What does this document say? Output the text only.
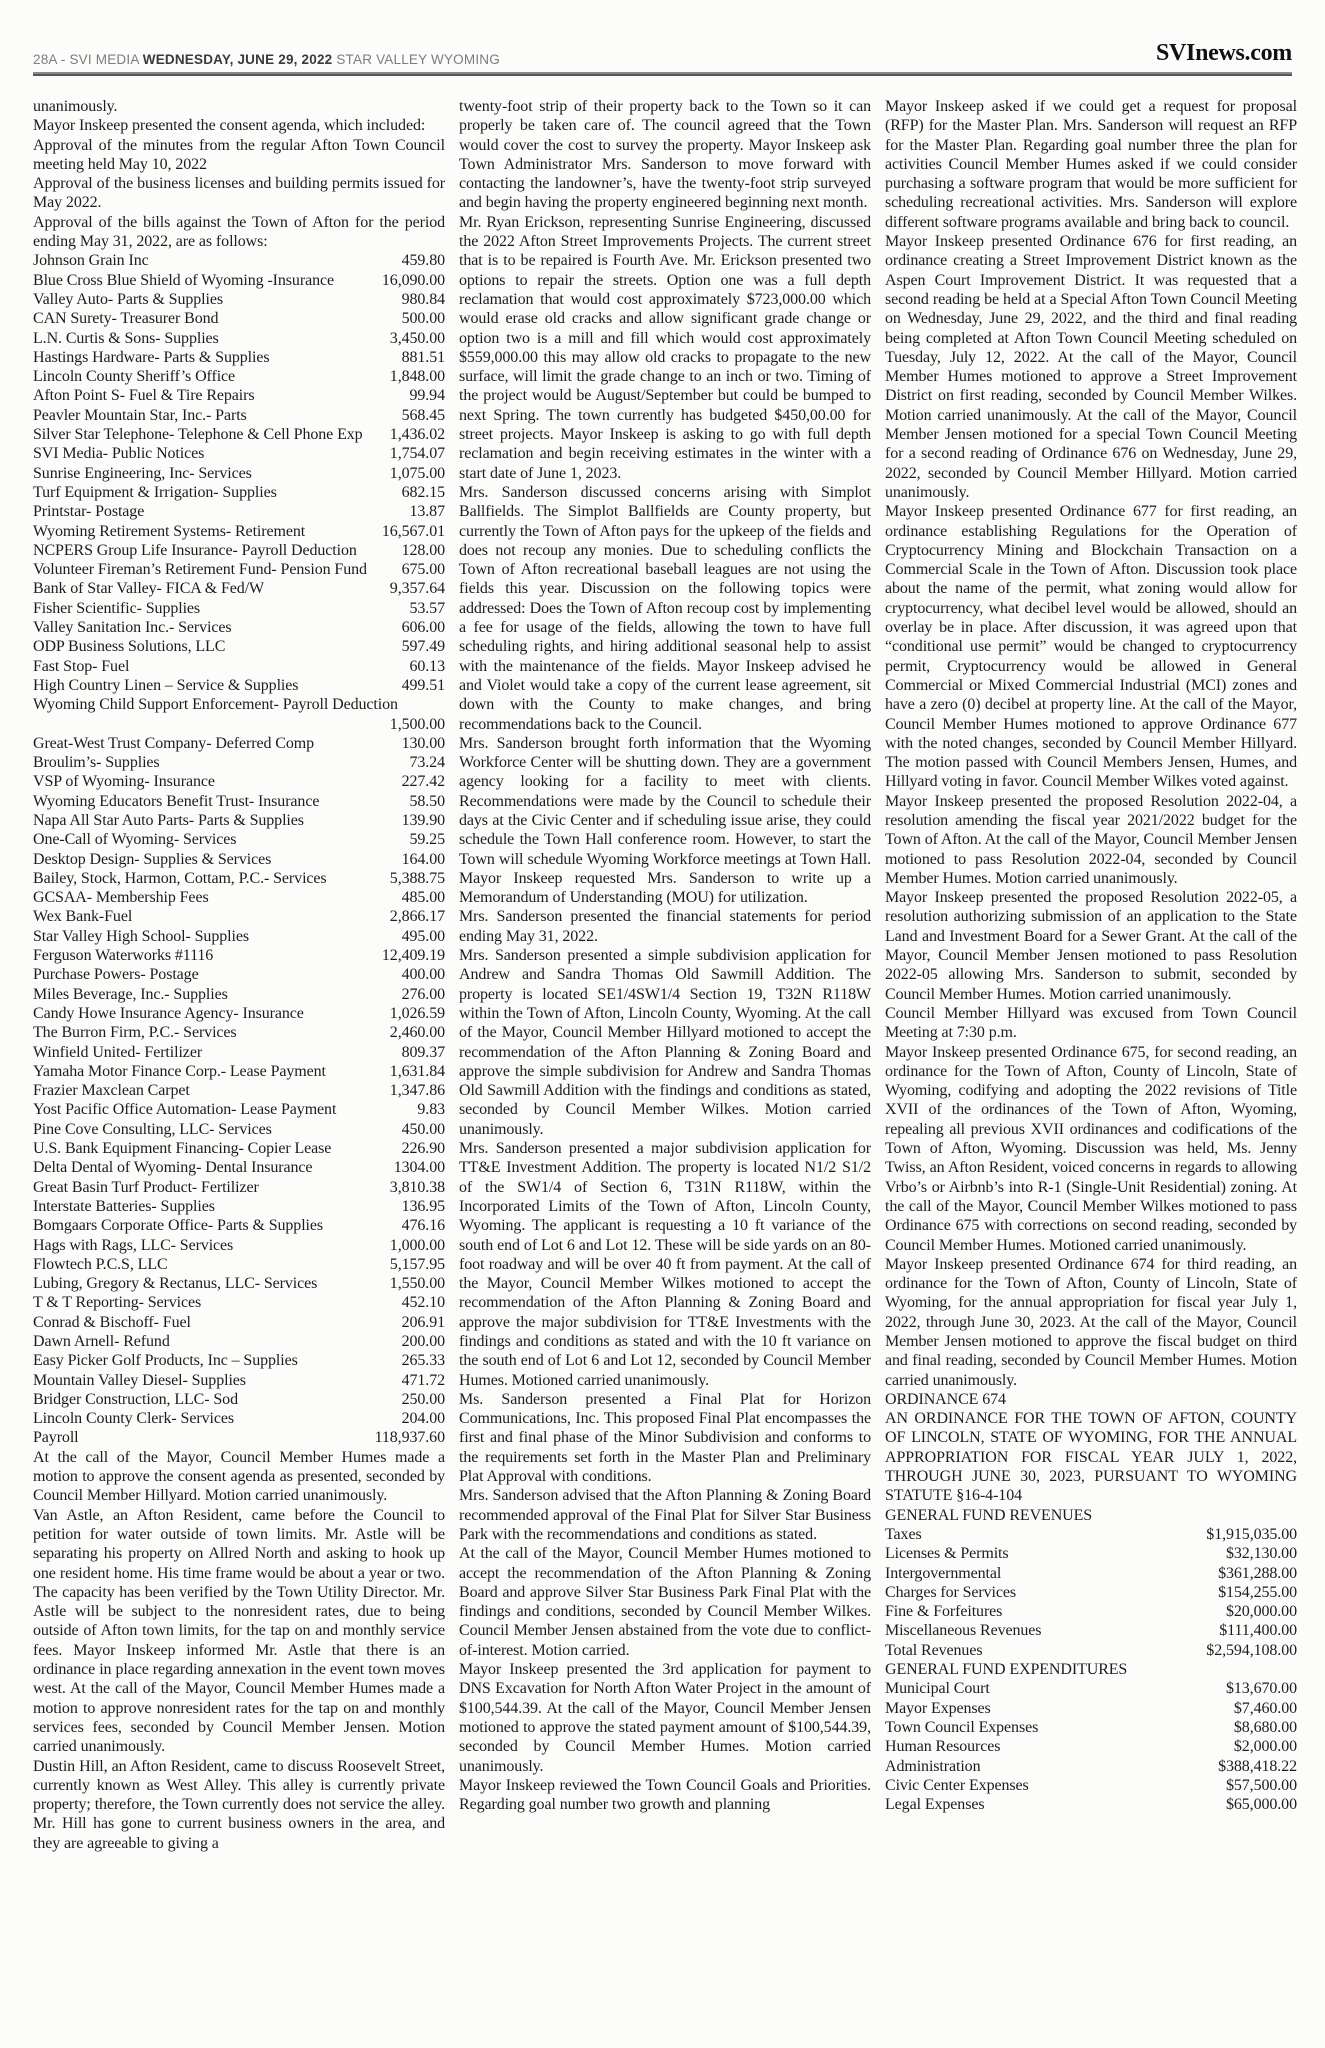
28A - SVI MEDIA WEDNESDAY, JUNE 29, 2022 STAR VALLEY WYOMING	SVInews.com

unanimously.

Mayor Inskeep presented the consent agenda, which included:

Approval of the minutes from the regular Afton Town Council meeting held May 10, 2022

Approval of the business licenses and building permits issued for May 2022.

Approval of the bills against the Town of Afton for the period ending May 31, 2022, are as follows:

Johnson Grain Inc	459.80
Blue Cross Blue Shield of Wyoming -Insurance	16,090.00
Valley Auto- Parts & Supplies	980.84
CAN Surety- Treasurer Bond	500.00
L.N. Curtis & Sons- Supplies	3,450.00
Hastings Hardware- Parts & Supplies	881.51
Lincoln County Sheriff’s Office	1,848.00
Afton Point S- Fuel & Tire Repairs	99.94
Peavler Mountain Star, Inc.- Parts	568.45
Silver Star Telephone- Telephone & Cell Phone Exp 1,436.02
SVI Media- Public Notices	1,754.07
Sunrise Engineering, Inc- Services	1,075.00
Turf Equipment & Irrigation- Supplies	682.15
Printstar- Postage	13.87
Wyoming Retirement Systems- Retirement	16,567.01
NCPERS Group Life Insurance- Payroll Deduction	128.00
Volunteer Fireman’s Retirement Fund- Pension Fund 675.00
Bank of Star Valley- FICA & Fed/W	9,357.64
Fisher Scientific- Supplies	53.57
Valley Sanitation Inc.- Services	606.00
ODP Business Solutions, LLC	597.49
Fast Stop- Fuel	60.13
High Country Linen – Service & Supplies	499.51
Wyoming Child Support Enforcement- Payroll Deduction
1,500.00
Great-West Trust Company- Deferred Comp	130.00
Broulim’s- Supplies	73.24
VSP of Wyoming- Insurance	227.42
Wyoming Educators Benefit Trust- Insurance	58.50
Napa All Star Auto Parts- Parts & Supplies	139.90
One-Call of Wyoming- Services	59.25
Desktop Design- Supplies & Services	164.00
Bailey, Stock, Harmon, Cottam, P.C.- Services	5,388.75
GCSAA- Membership Fees	485.00
Wex Bank-Fuel	2,866.17
Star Valley High School- Supplies	495.00
Ferguson Waterworks #1116	12,409.19
Purchase Powers- Postage	400.00
Miles Beverage, Inc.- Supplies	276.00
Candy Howe Insurance Agency- Insurance	1,026.59
The Burron Firm, P.C.- Services	2,460.00
Winfield United- Fertilizer	809.37
Yamaha Motor Finance Corp.- Lease Payment	1,631.84
Frazier Maxclean Carpet	1,347.86
Yost Pacific Office Automation- Lease Payment	9.83
Pine Cove Consulting, LLC- Services	450.00
U.S. Bank Equipment Financing- Copier Lease	226.90
Delta Dental of Wyoming- Dental Insurance	1304.00
Great Basin Turf Product- Fertilizer	3,810.38
Interstate Batteries- Supplies	136.95
Bomgaars Corporate Office- Parts & Supplies	476.16
Hags with Rags, LLC- Services	1,000.00
Flowtech P.C.S, LLC	5,157.95
Lubing, Gregory & Rectanus, LLC- Services	1,550.00
T & T Reporting- Services	452.10
Conrad & Bischoff- Fuel	206.91
Dawn Arnell- Refund	200.00
Easy Picker Golf Products, Inc – Supplies	265.33
Mountain Valley Diesel- Supplies	471.72
Bridger Construction, LLC- Sod	250.00
Lincoln County Clerk- Services	204.00
Payroll	118,937.60

At the call of the Mayor, Council Member Humes made a motion to approve the consent agenda as presented, seconded by Council Member Hillyard. Motion carried unanimously.

Van Astle, an Afton Resident, came before the Council to petition for water outside of town limits. Mr. Astle will be separating his property on Allred North and asking to hook up one resident home. His time frame would be about a year or two. The capacity has been verified by the Town Utility Director. Mr. Astle will be subject to the nonresident rates, due to being outside of Afton town limits, for the tap on and monthly service fees. Mayor Inskeep informed Mr. Astle that there is an ordinance in place regarding annexation in the event town moves west. At the call of the Mayor, Council Member Humes made a motion to approve nonresident rates for the tap on and monthly services fees, seconded by Council Member Jensen. Motion carried unanimously.

Dustin Hill, an Afton Resident, came to discuss Roosevelt Street, currently known as West Alley. This alley is currently private property; therefore, the Town currently does not service the alley. Mr. Hill has gone to current business owners in the area, and they are agreeable to giving a

twenty-foot strip of their property back to the Town so it can properly be taken care of. The council agreed that the Town would cover the cost to survey the property. Mayor Inskeep ask Town Administrator Mrs. Sanderson to move forward with contacting the landowner’s, have the twenty-foot strip surveyed and begin having the property engineered beginning next month.

Mr. Ryan Erickson, representing Sunrise Engineering, discussed the 2022 Afton Street Improvements Projects. The current street that is to be repaired is Fourth Ave. Mr. Erickson presented two options to repair the streets. Option one was a full depth reclamation that would cost approximately $723,000.00 which would erase old cracks and allow significant grade change or option two is a mill and fill which would cost approximately $559,000.00 this may allow old cracks to propagate to the new surface, will limit the grade change to an inch or two. Timing of the project would be August/September but could be bumped to next Spring. The town currently has budgeted $450,00.00 for street projects. Mayor Inskeep is asking to go with full depth reclamation and begin receiving estimates in the winter with a start date of June 1, 2023.

Mrs. Sanderson discussed concerns arising with Simplot Ballfields. The Simplot Ballfields are County property, but currently the Town of Afton pays for the upkeep of the fields and does not recoup any monies. Due to scheduling conflicts the Town of Afton recreational baseball leagues are not using the fields this year. Discussion on the following topics were addressed: Does the Town of Afton recoup cost by implementing a fee for usage of the fields, allowing the town to have full scheduling rights, and hiring additional seasonal help to assist with the maintenance of the fields. Mayor Inskeep advised he and Violet would take a copy of the current lease agreement, sit down with the County to make changes, and bring recommendations back to the Council.

Mrs. Sanderson brought forth information that the Wyoming Workforce Center will be shutting down. They are a government agency looking for a facility to meet with clients. Recommendations were made by the Council to schedule their days at the Civic Center and if scheduling issue arise, they could schedule the Town Hall conference room. However, to start the Town will schedule Wyoming Workforce meetings at Town Hall. Mayor Inskeep requested Mrs. Sanderson to write up a Memorandum of Understanding (MOU) for utilization.

Mrs. Sanderson presented the financial statements for period ending May 31, 2022.

Mrs. Sanderson presented a simple subdivision application for Andrew and Sandra Thomas Old Sawmill Addition. The property is located SE1/4SW1/4 Section 19, T32N R118W within the Town of Afton, Lincoln County, Wyoming. At the call of the Mayor, Council Member Hillyard motioned to accept the recommendation of the Afton Planning & Zoning Board and approve the simple subdivision for Andrew and Sandra Thomas Old Sawmill Addition with the findings and conditions as stated, seconded by Council Member Wilkes. Motion carried unanimously.

Mrs. Sanderson presented a major subdivision application for TT&E Investment Addition. The property is located N1/2 S1/2 of the SW1/4 of Section 6, T31N R118W, within the Incorporated Limits of the Town of Afton, Lincoln County, Wyoming. The applicant is requesting a 10 ft variance of the south end of Lot 6 and Lot 12. These will be side yards on an 80-foot roadway and will be over 40 ft from payment. At the call of the Mayor, Council Member Wilkes motioned to accept the recommendation of the Afton Planning & Zoning Board and approve the major subdivision for TT&E Investments with the findings and conditions as stated and with the 10 ft variance on the south end of Lot 6 and Lot 12, seconded by Council Member Humes. Motioned carried unanimously.

Ms. Sanderson presented a Final Plat for Horizon Communications, Inc. This proposed Final Plat encompasses the first and final phase of the Minor Subdivision and conforms to the requirements set forth in the Master Plan and Preliminary Plat Approval with conditions.

Mrs. Sanderson advised that the Afton Planning & Zoning Board recommended approval of the Final Plat for Silver Star Business Park with the recommendations and conditions as stated.

At the call of the Mayor, Council Member Humes motioned to accept the recommendation of the Afton Planning & Zoning Board and approve Silver Star Business Park Final Plat with the findings and conditions, seconded by Council Member Wilkes. Council Member Jensen abstained from the vote due to conflict-of-interest. Motion carried.

Mayor Inskeep presented the 3rd application for payment to DNS Excavation for North Afton Water Project in the amount of $100,544.39. At the call of the Mayor, Council Member Jensen motioned to approve the stated payment amount of $100,544.39, seconded by Council Member Humes. Motion carried unanimously.

Mayor Inskeep reviewed the Town Council Goals and Priorities. Regarding goal number two growth and planning

Mayor Inskeep asked if we could get a request for proposal (RFP) for the Master Plan. Mrs. Sanderson will request an RFP for the Master Plan. Regarding goal number three the plan for activities Council Member Humes asked if we could consider purchasing a software program that would be more sufficient for scheduling recreational activities. Mrs. Sanderson will explore different software programs available and bring back to council.

Mayor Inskeep presented Ordinance 676 for first reading, an ordinance creating a Street Improvement District known as the Aspen Court Improvement District. It was requested that a second reading be held at a Special Afton Town Council Meeting on Wednesday, June 29, 2022, and the third and final reading being completed at Afton Town Council Meeting scheduled on Tuesday, July 12, 2022. At the call of the Mayor, Council Member Humes motioned to approve a Street Improvement District on first reading, seconded by Council Member Wilkes. Motion carried unanimously. At the call of the Mayor, Council Member Jensen motioned for a special Town Council Meeting for a second reading of Ordinance 676 on Wednesday, June 29, 2022, seconded by Council Member Hillyard. Motion carried unanimously.

Mayor Inskeep presented Ordinance 677 for first reading, an ordinance establishing Regulations for the Operation of Cryptocurrency Mining and Blockchain Transaction on a Commercial Scale in the Town of Afton. Discussion took place about the name of the permit, what zoning would allow for cryptocurrency, what decibel level would be allowed, should an overlay be in place. After discussion, it was agreed upon that “conditional use permit” would be changed to cryptocurrency permit, Cryptocurrency would be allowed in General Commercial or Mixed Commercial Industrial (MCI) zones and have a zero (0) decibel at property line. At the call of the Mayor, Council Member Humes motioned to approve Ordinance 677 with the noted changes, seconded by Council Member Hillyard. The motion passed with Council Members Jensen, Humes, and Hillyard voting in favor. Council Member Wilkes voted against.

Mayor Inskeep presented the proposed Resolution 2022-04, a resolution amending the fiscal year 2021/2022 budget for the Town of Afton. At the call of the Mayor, Council Member Jensen motioned to pass Resolution 2022-04, seconded by Council Member Humes. Motion carried unanimously.

Mayor Inskeep presented the proposed Resolution 2022-05, a resolution authorizing submission of an application to the State Land and Investment Board for a Sewer Grant. At the call of the Mayor, Council Member Jensen motioned to pass Resolution 2022-05 allowing Mrs. Sanderson to submit, seconded by Council Member Humes. Motion carried unanimously.

Council Member Hillyard was excused from Town Council Meeting at 7:30 p.m.

Mayor Inskeep presented Ordinance 675, for second reading, an ordinance for the Town of Afton, County of Lincoln, State of Wyoming, codifying and adopting the 2022 revisions of Title XVII of the ordinances of the Town of Afton, Wyoming, repealing all previous XVII ordinances and codifications of the Town of Afton, Wyoming. Discussion was held, Ms. Jenny Twiss, an Afton Resident, voiced concerns in regards to allowing Vrbo’s or Airbnb’s into R-1 (Single-Unit Residential) zoning. At the call of the Mayor, Council Member Wilkes motioned to pass Ordinance 675 with corrections on second reading, seconded by Council Member Humes. Motioned carried unanimously.

Mayor Inskeep presented Ordinance 674 for third reading, an ordinance for the Town of Afton, County of Lincoln, State of Wyoming, for the annual appropriation for fiscal year July 1, 2022, through June 30, 2023. At the call of the Mayor, Council Member Jensen motioned to approve the fiscal budget on third and final reading, seconded by Council Member Humes. Motion carried unanimously.

ORDINANCE 674

AN ORDINANCE FOR THE TOWN OF AFTON, COUNTY OF LINCOLN, STATE OF WYOMING, FOR THE ANNUAL APPROPRIATION FOR FISCAL YEAR JULY 1, 2022, THROUGH JUNE 30, 2023, PURSUANT TO WYOMING STATUTE §16-4-104

GENERAL FUND REVENUES

Taxes	$1,915,035.00
Licenses & Permits	$32,130.00
Intergovernmental	$361,288.00
Charges for Services	$154,255.00
Fine & Forfeitures	$20,000.00
Miscellaneous Revenues	$111,400.00
Total Revenues	$2,594,108.00

GENERAL FUND EXPENDITURES

Municipal Court	$13,670.00
Mayor Expenses	$7,460.00
Town Council Expenses	$8,680.00
Human Resources	$2,000.00
Administration	$388,418.22
Civic Center Expenses	$57,500.00
Legal Expenses	$65,000.00
